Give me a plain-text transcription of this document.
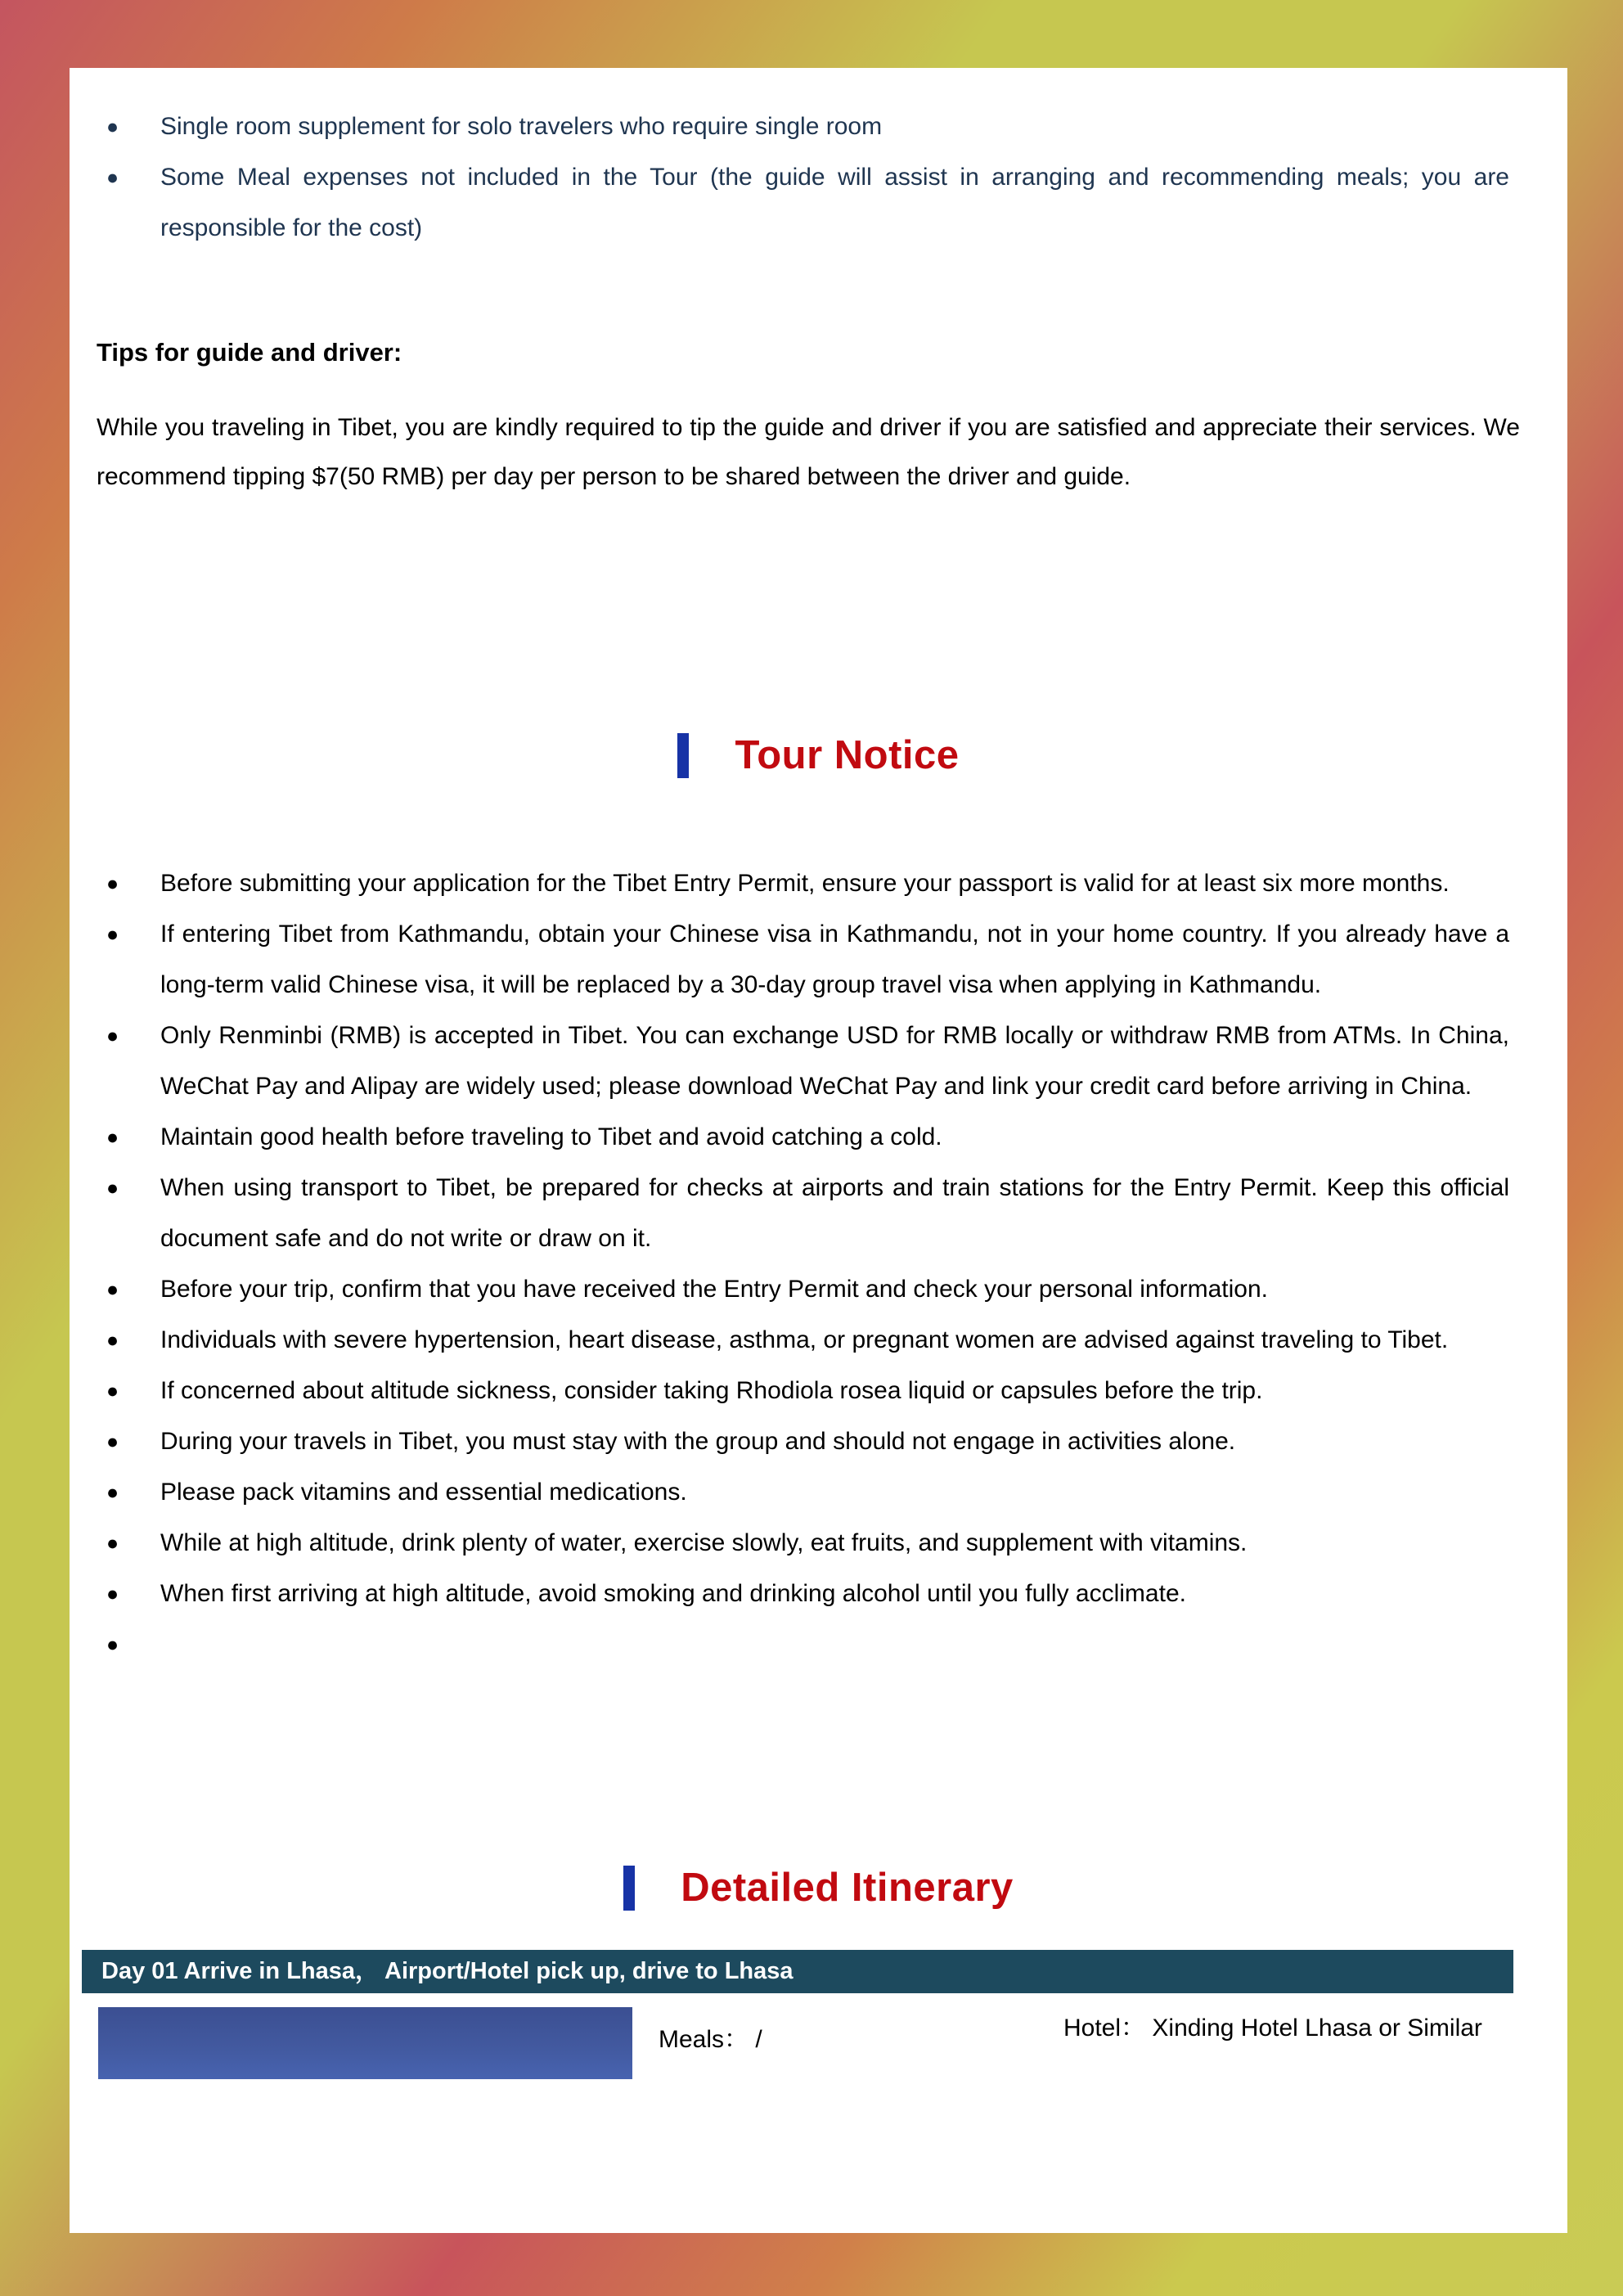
● Single room supplement for solo travelers who require single room
● Some Meal expenses not included in the Tour (the guide will assist in arranging and recommending meals; you are responsible for the cost)
Tips for guide and driver:
While you traveling in Tibet, you are kindly required to tip the guide and driver if you are satisfied and appreciate their services. We recommend tipping $7(50 RMB) per day per person to be shared between the driver and guide.
Tour Notice
● Before submitting your application for the Tibet Entry Permit, ensure your passport is valid for at least six more months.
● If entering Tibet from Kathmandu, obtain your Chinese visa in Kathmandu, not in your home country. If you already have a long-term valid Chinese visa, it will be replaced by a 30-day group travel visa when applying in Kathmandu.
● Only Renminbi (RMB) is accepted in Tibet. You can exchange USD for RMB locally or withdraw RMB from ATMs. In China, WeChat Pay and Alipay are widely used; please download WeChat Pay and link your credit card before arriving in China.
● Maintain good health before traveling to Tibet and avoid catching a cold.
● When using transport to Tibet, be prepared for checks at airports and train stations for the Entry Permit. Keep this official document safe and do not write or draw on it.
● Before your trip, confirm that you have received the Entry Permit and check your personal information.
● Individuals with severe hypertension, heart disease, asthma, or pregnant women are advised against traveling to Tibet.
● If concerned about altitude sickness, consider taking Rhodiola rosea liquid or capsules before the trip.
● During your travels in Tibet, you must stay with the group and should not engage in activities alone.
● Please pack vitamins and essential medications.
● While at high altitude, drink plenty of water, exercise slowly, eat fruits, and supplement with vitamins.
● When first arriving at high altitude, avoid smoking and drinking alcohol until you fully acclimate.
●
Detailed Itinerary
Day 01 Arrive in Lhasa， Airport/Hotel pick up, drive to Lhasa
Meals： /	Hotel： Xinding Hotel Lhasa or Similar
